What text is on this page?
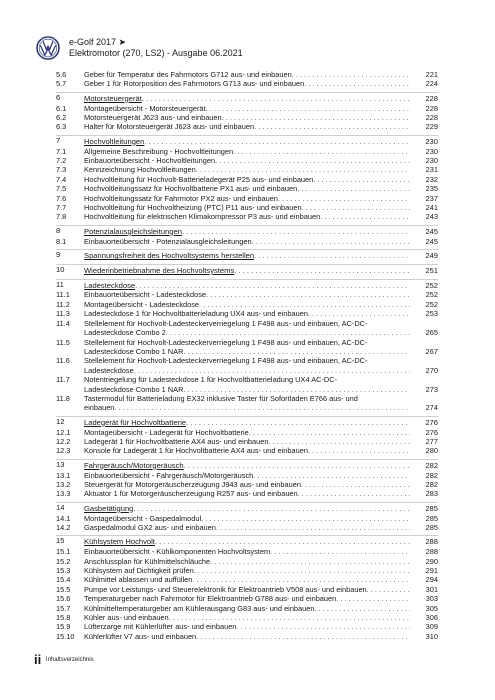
e-Golf 2017 ➤
Elektromotor (270, LS2) - Ausgabe 06.2021
5.6	Geber für Temperatur des Fahrmotors G712 aus- und einbauen . . .	221
5.7	Geber 1 für Rotorposition des Fahrmotors G713 aus- und einbauen . . .	224
6	Motorsteuergerät . . .	228
6.1	Montageübersicht - Motorsteuergerät . . .	228
6.2	Motorsteuergerät J623 aus- und einbauen . . .	228
6.3	Halter für Motorsteuergerät J623 aus- und einbauen . . .	229
7	Hochvoltleitungen . . .	230
7.1	Allgemeine Beschreibung - Hochvoltleitungen . . .	230
7.2	Einbauorteübersicht - Hochvoltleitungen . . .	230
7.3	Kennzeichnung Hochvoltleitungen . . .	231
7.4	Hochvoltleitung für Hochvolt-Batterieladegerät P25 aus- und einbauen . . .	232
7.5	Hochvoltleitungssatz für Hochvoltbatterie PX1 aus- und einbauen . . .	235
7.6	Hochvoltleitungssatz für Fahrmotor PX2 aus- und einbauen . . .	237
7.7	Hochvoltleitung für Hochvoltheizung (PTC) P11 aus- und einbauen . . .	241
7.8	Hochvoltleitung für elektrischen Klimakompressor P3 aus- und einbauen . . .	243
8	Potenzialausgleichsleitungen . . .	245
8.1	Einbauorteübersicht - Potenzialausgleichsleitungen . . .	245
9	Spannungsfreiheit des Hochvoltsystems herstellen . . .	249
10	Wiederinbetriebnahme des Hochvoltsystems . . .	251
11	Ladesteckdose . . .	252
11.1	Einbauorteübersicht - Ladesteckdose . . .	252
11.2	Montageübersicht - Ladesteckdose . . .	252
11.3	Ladesteckdose 1 für Hochvoltbatterieladung UX4 aus- und einbauen . . .	253
11.4	Stellelement für Hochvolt-Ladesteckerverriegelung 1 F498 aus- und einbauen, AC-DC-
Ladesteckdose Combo 2 . . .	265
11.5	Stellelement für Hochvolt-Ladesteckerverriegelung 1 F498 aus- und einbauen, AC-DC-
Ladesteckdose Combo 1 NAR . . .	267
11.6	Stellelement für Hochvolt-Ladesteckerverriegelung 1 F498 aus- und einbauen, AC-DC-
Ladesteckdose . . .	270
11.7	Notentriegelung für Ladesteckdose 1 für Hochvoltbatterieladung UX4 AC-DC-
Ladesteckdose Combo 1 NAR . . .	273
11.8	Tastermodul für Batterieladung EX32 inklusive Taster für Sofortladen E766 aus- und
einbauen . . .	274
12	Ladegerät für Hochvoltbatterie . . .	276
12.1	Montageübersicht - Ladegerät für Hochvoltbatterie . . .	276
12.2	Ladegerät 1 für Hochvoltbatterie AX4 aus- und einbauen . . .	277
12.3	Konsole für Ladegerät 1 für Hochvoltbatterie AX4 aus- und einbauen . . .	280
13	Fahrgeräusch/Motorgeräusch . . .	282
13.1	Einbauorteübersicht - Fahrgeräusch/Motorgeräusch . . .	282
13.2	Steuergerät für Motorgeräuscherzeugung J943 aus- und einbauen . . .	282
13.3	Aktuator 1 für Motorgeräuscherzeugung R257 aus- und einbauen . . .	283
14	Gasbetätigung . . .	285
14.1	Montageübersicht - Gaspedalmodul . . .	285
14.2	Gaspedalmodul GX2 aus- und einbauen . . .	285
15	Kühlsystem Hochvolt . . .	288
15.1	Einbauorteübersicht - Kühlkomponenten Hochvoltsystem . . .	288
15.2	Anschlussplan für Kühlmittelschläuche . . .	290
15.3	Kühlsystem auf Dichtigkeit prüfen . . .	291
15.4	Kühlmittel ablassen und auffüllen . . .	294
15.5	Pumpe vor Leistungs- und Steuerelektronik für Elektroantrieb V508 aus- und einbauen . . .	301
15.6	Temperaturgeber nach Fahrmotor für Elektroantrieb G788 aus- und einbauen . . .	303
15.7	Kühlmitteltemperaturgeber am Kühlerausgang G83 aus- und einbauen . . .	305
15.8	Kühler aus- und einbauen . . .	306
15.9	Lüfterzarge mit Kühlerlüfter aus- und einbauen . . .	309
15.10	Kühlerlüfter V7 aus- und einbauen . . .	310
ii Inhaltsverzeichnis
